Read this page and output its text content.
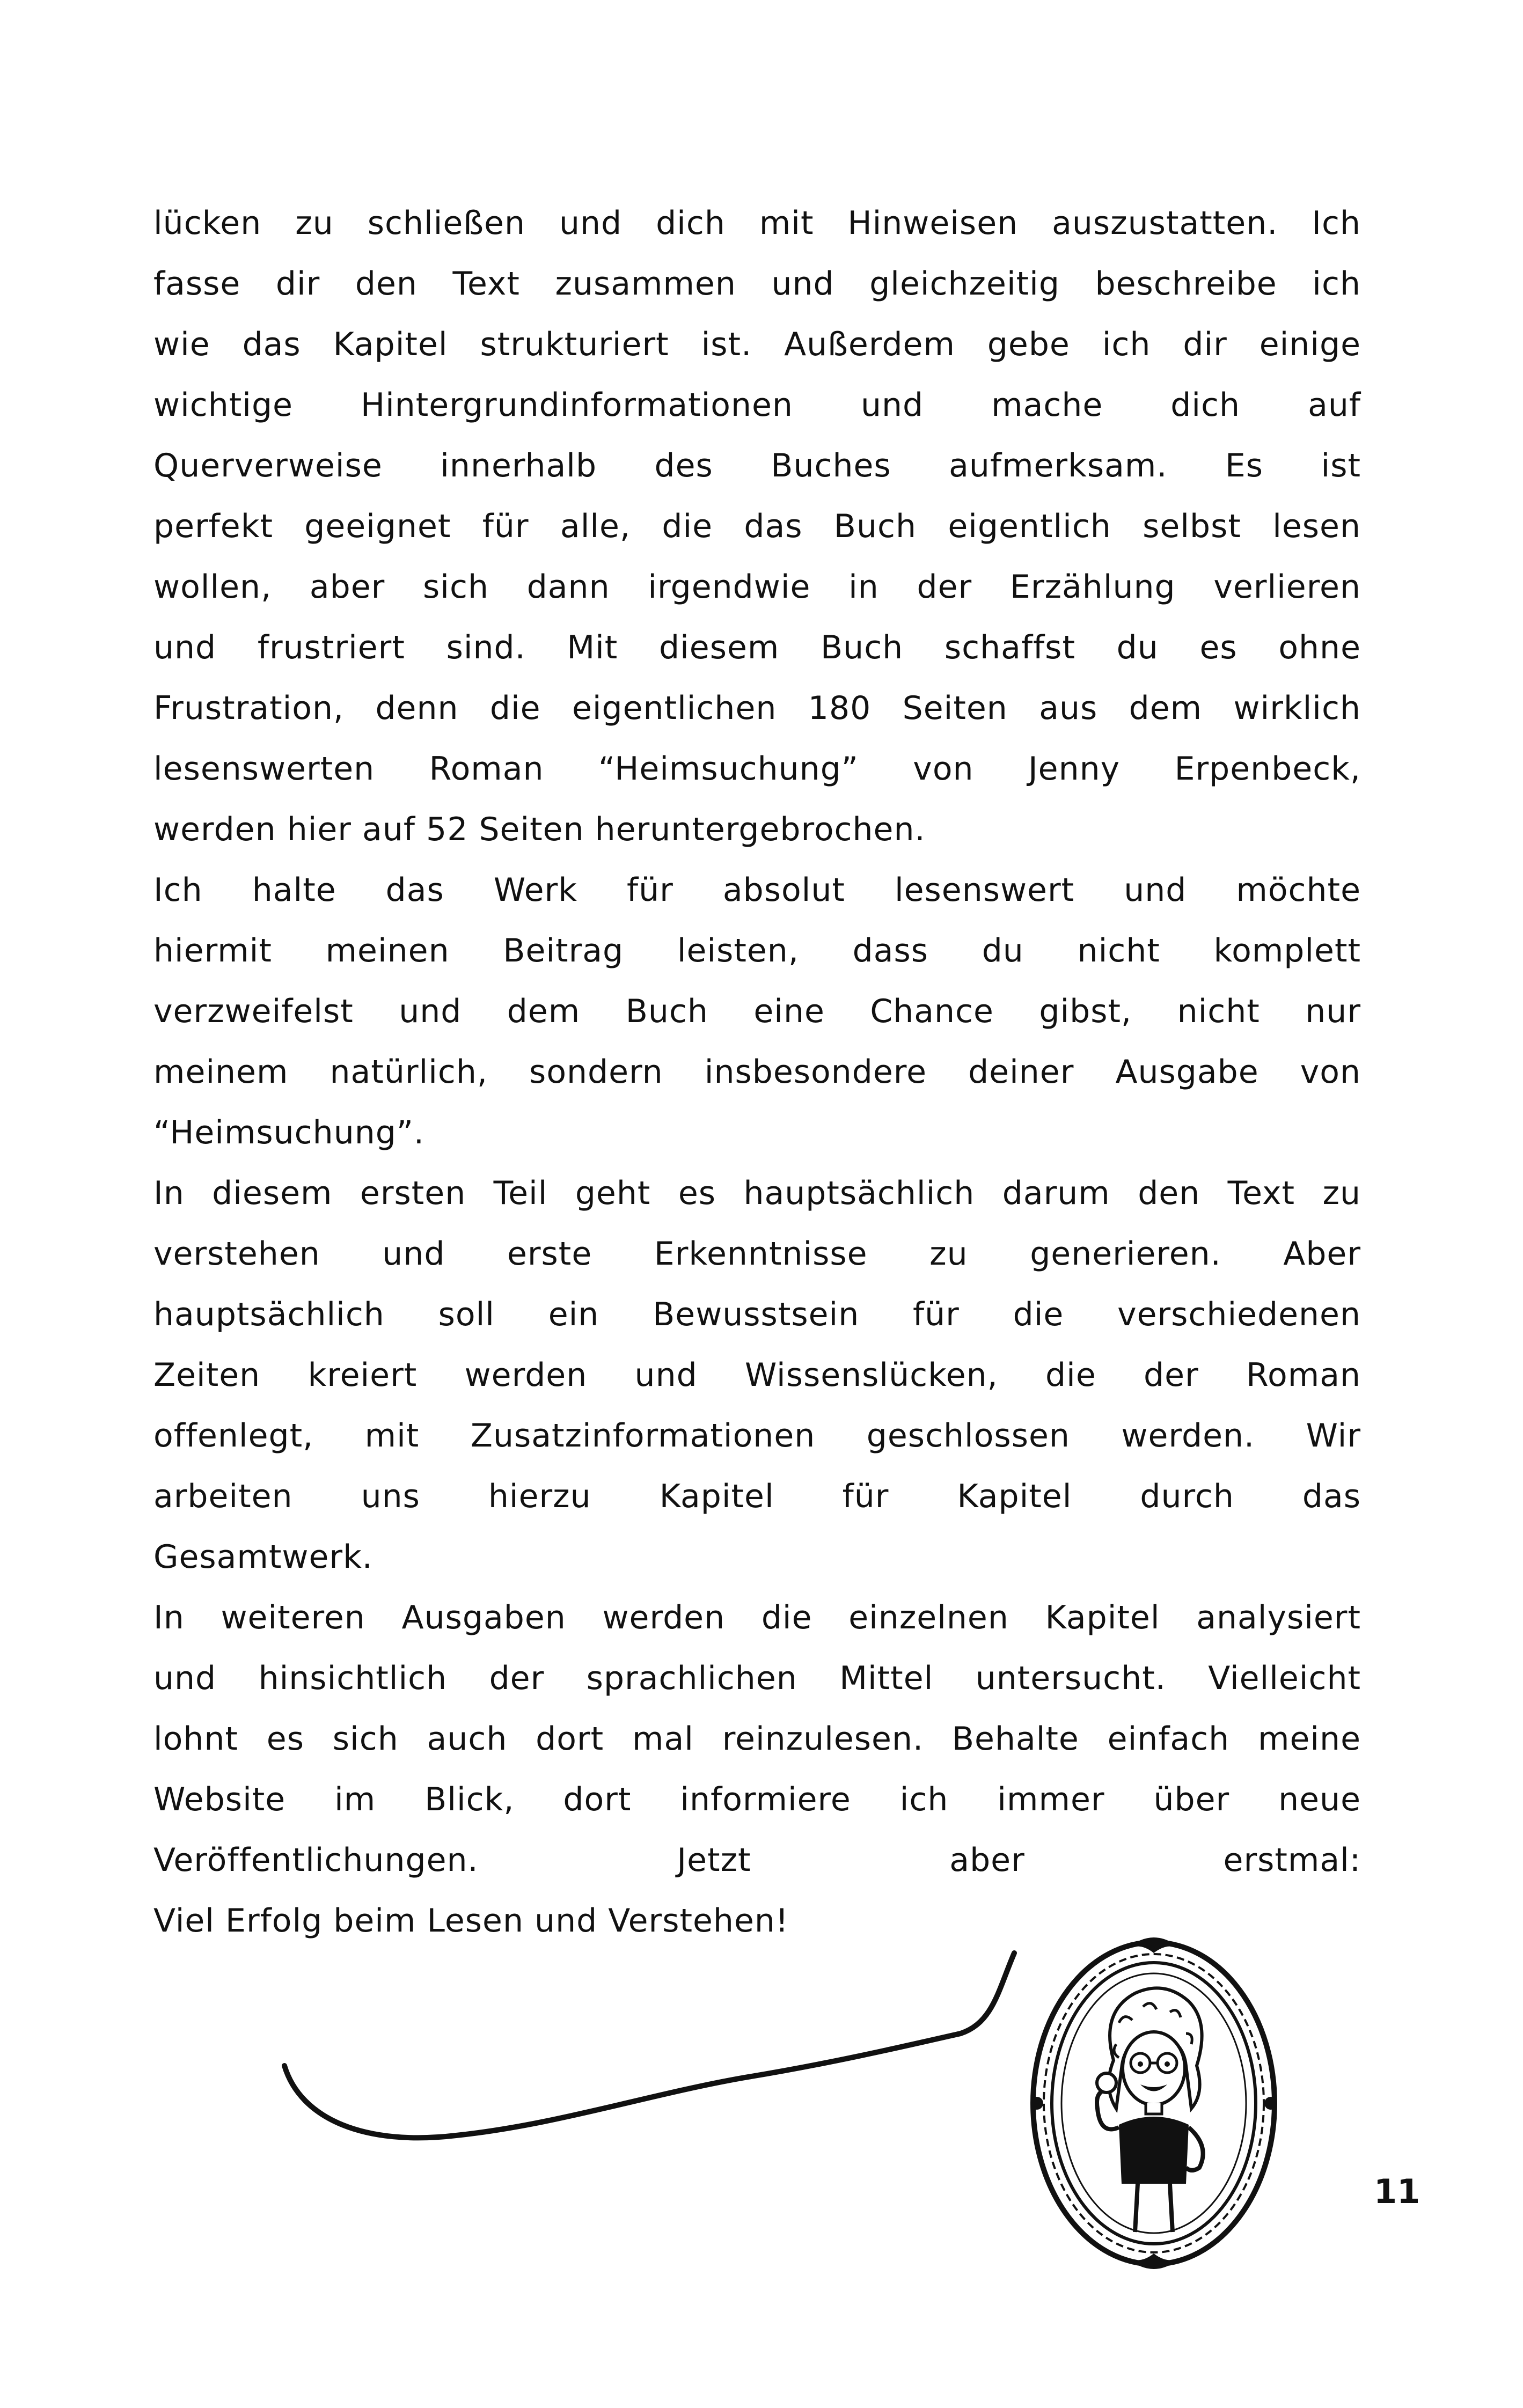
lücken zu schließen und dich mit Hinweisen auszustatten. Ich
fasse dir den Text zusammen und gleichzeitig beschreibe ich
wie das Kapitel strukturiert ist. Außerdem gebe ich dir einige
wichtige Hintergrundinformationen und mache dich auf
Querverweise innerhalb des Buches aufmerksam. Es ist
perfekt geeignet für alle, die das Buch eigentlich selbst lesen
wollen, aber sich dann irgendwie in der Erzählung verlieren
und frustriert sind. Mit diesem Buch schaffst du es ohne
Frustration, denn die eigentlichen 180 Seiten aus dem wirklich
lesenswerten Roman “Heimsuchung” von Jenny Erpenbeck,
werden hier auf 52 Seiten heruntergebrochen.
Ich halte das Werk für absolut lesenswert und möchte
hiermit meinen Beitrag leisten, dass du nicht komplett
verzweifelst und dem Buch eine Chance gibst, nicht nur
meinem natürlich, sondern insbesondere deiner Ausgabe von
“Heimsuchung”.
In diesem ersten Teil geht es hauptsächlich darum den Text zu
verstehen und erste Erkenntnisse zu generieren. Aber
hauptsächlich soll ein Bewusstsein für die verschiedenen
Zeiten kreiert werden und Wissenslücken, die der Roman
offenlegt, mit Zusatzinformationen geschlossen werden. Wir
arbeiten uns hierzu Kapitel für Kapitel durch das
Gesamtwerk.
In weiteren Ausgaben werden die einzelnen Kapitel analysiert
und hinsichtlich der sprachlichen Mittel untersucht. Vielleicht
lohnt es sich auch dort mal reinzulesen. Behalte einfach meine
Website im Blick, dort informiere ich immer über neue
Veröffentlichungen. Jetzt aber erstmal:
Viel Erfolg beim Lesen und Verstehen!
11
